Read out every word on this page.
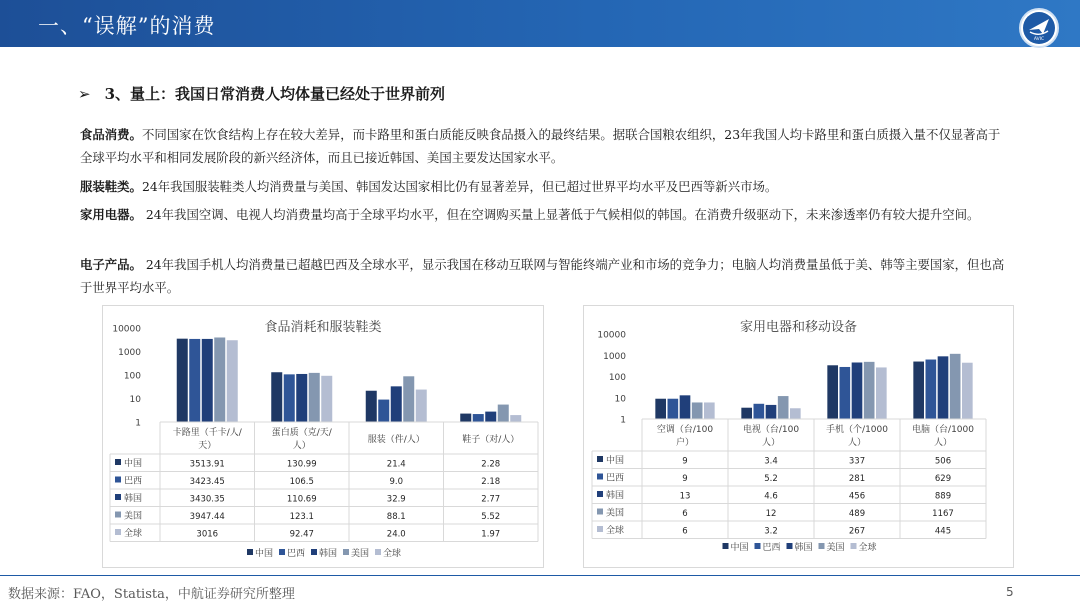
一、“误解”的消费
AVIC
➢ 3、量上：我国日常消费人均体量已经处于世界前列
食品消费。不同国家在饮食结构上存在较大差异，而卡路里和蛋白质能反映食品摄入的最终结果。据联合国粮农组织，23年我国人均卡路里和蛋白质摄入量不仅显著高于全球平均水平和相同发展阶段的新兴经济体，而且已接近韩国、美国主要发达国家水平。
服装鞋类。24年我国服装鞋类人均消费量与美国、韩国发达国家相比仍有显著差异，但已超过世界平均水平及巴西等新兴市场。
家用电器。 24年我国空调、电视人均消费量均高于全球平均水平，但在空调购买量上显著低于气候相似的韩国。在消费升级驱动下，未来渗透率仍有较大提升空间。
电子产品。 24年我国手机人均消费量已超越巴西及全球水平，显示我国在移动互联网与智能终端产业和市场的竞争力；电脑人均消费量虽低于美、韩等主要国家，但也高于世界平均水平。
食品消耗和服装鞋类
10000
1000
100
10
1
卡路里（千卡/人/
天）
蛋白质（克/天/
人）
服装（件/人）	鞋子（对/人）
中国	3513.91	130.99	21.4	2.28
巴西	3423.45	106.5	9.0	2.18
韩国	3430.35	110.69	32.9	2.77
美国	3947.44	123.1	88.1	5.52
全球	3016	92.47	24.0	1.97
中国 巴西 韩国 美国 全球
家用电器和移动设备
10000
1000
100
10
1
空调（台/100
户）
电视（台/100
人）
手机（个/1000
人）
电脑（台/1000
人）
中国	9	3.4	337	506
巴西	9	5.2	281	629
韩国	13	4.6	456	889
美国	6	12	489	1167
全球	6	3.2	267	445
中国 巴西 韩国 美国 全球
数据来源：FAO，Statista，中航证券研究所整理	5
